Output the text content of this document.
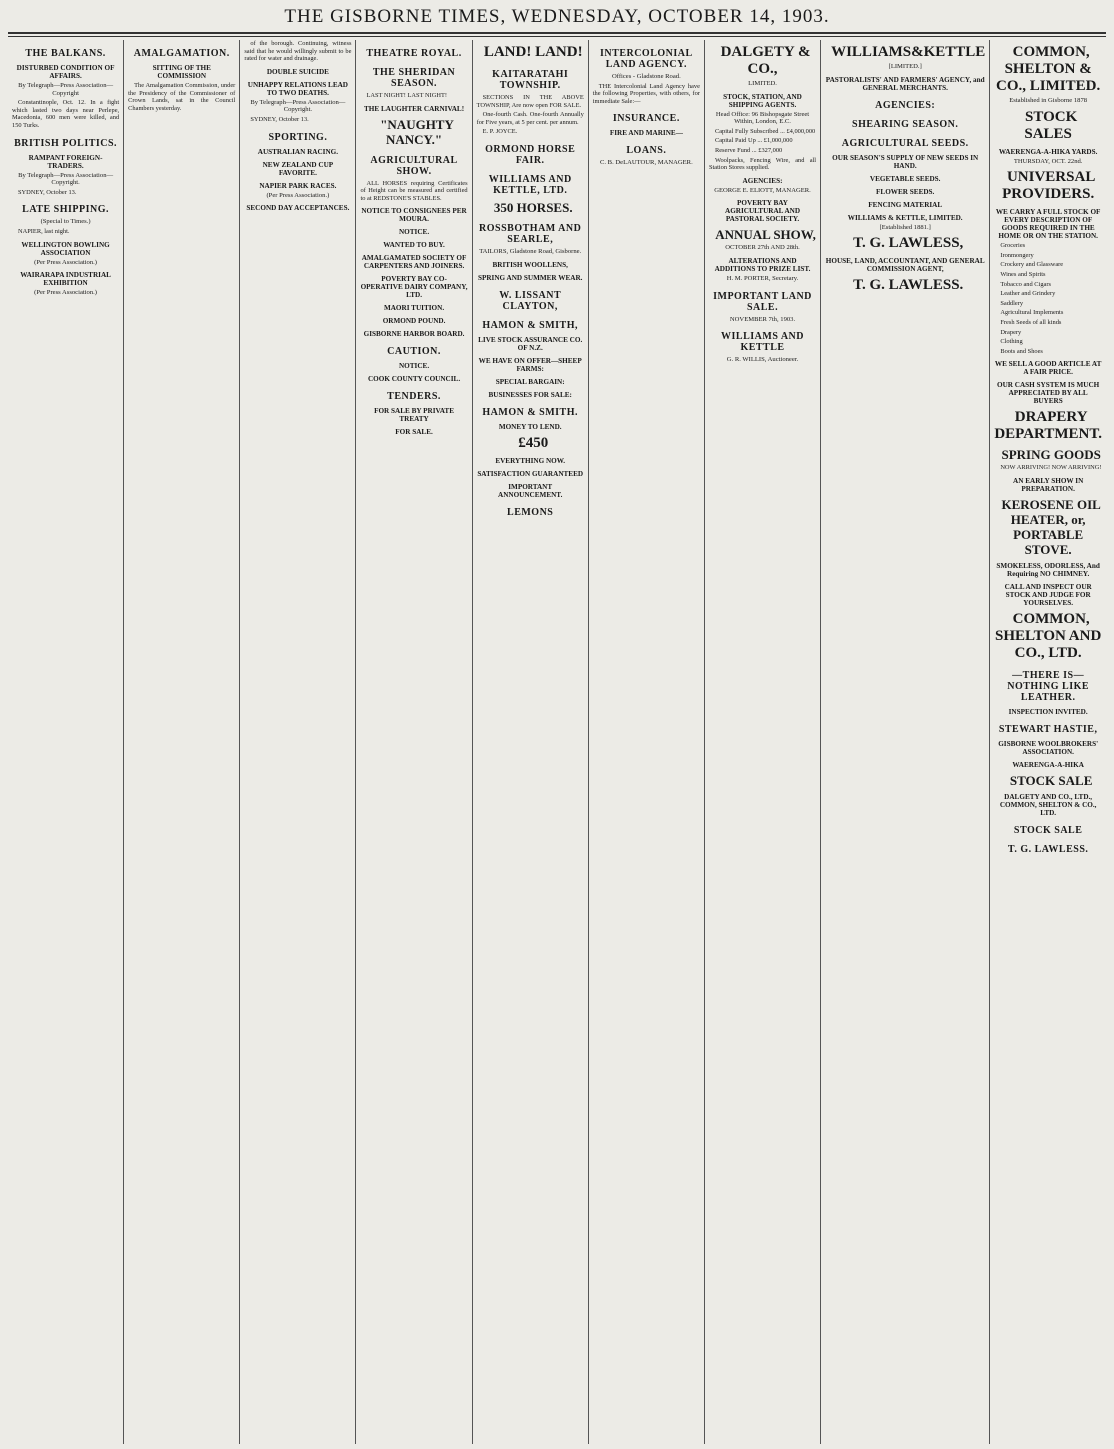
THE GISBORNE TIMES, WEDNESDAY, OCTOBER 14, 1903.
THE BALKANS.
DISTURBED CONDITION OF AFFAIRS.
By Telegraph—Press Association—Copyright

Constantinople, Oct. 12. In a fight which lasted two days near Perlepe, Macedonia, 600 men were killed, and 150 Turks.

BRITISH POLITICS.
RAMPANT FOREIGN-TRADERS.
By Telegraph—Press Association—Copyright.

SYDNEY, October 13.

LATE SHIPPING.
(Special to Times.)

NAPIER, last night.

WELLINGTON BOWLING ASSOCIATION
(Per Press Association.)
WAIRARAPA INDUSTRIAL EXHIBITION
(Per Press Association.)
AMALGAMATION.
SITTING OF THE COMMISSION

The Amalgamation Commission, under the Presidency of the Commissioner of Crown Lands, sat in the Council Chambers yesterday.

of the borough. Continuing, witness said that he would willingly submit to be rated for water and drainage.

DOUBLE SUICIDE
UNHAPPY RELATIONS LEAD TO TWO DEATHS.
By Telegraph—Press Association—Copyright.

SYDNEY, October 13.

SPORTING.
AUSTRALIAN RACING.
NEW ZEALAND CUP FAVORITE.
NAPIER PARK RACES.
(Per Press Association.)
SECOND DAY ACCEPTANCES.
THEATRE ROYAL.
THE SHERIDAN SEASON.

LAST NIGHT! LAST NIGHT!

THE LAUGHTER CARNIVAL!

"NAUGHTY NANCY."

AGRICULTURAL SHOW.

ALL HORSES requiring Certificates of Height can be measured and certified to at REDSTONE'S STABLES.

NOTICE TO CONSIGNEES PER MOURA.
NOTICE.
WANTED TO BUY.
AMALGAMATED SOCIETY OF CARPENTERS AND JOINERS.
POVERTY BAY CO-OPERATIVE DAIRY COMPANY, LTD.
MAORI TUITION.
ORMOND POUND.
GISBORNE HARBOR BOARD.
CAUTION.
NOTICE.
COOK COUNTY COUNCIL.
TENDERS.
FOR SALE BY PRIVATE TREATY
FOR SALE.

LAND! LAND!

KAITARATAHI TOWNSHIP.

SECTIONS IN THE ABOVE TOWNSHIP, Are now open FOR SALE.

One-fourth Cash. One-fourth Annually for Five years, at 5 per cent. per annum.

E. P. JOYCE.

ORMOND HORSE FAIR.
WILLIAMS AND KETTLE, LTD.

350 HORSES.

ROSSBOTHAM AND SEARLE,
TAILORS, Gladstone Road, Gisborne.
BRITISH WOOLLENS,
SPRING AND SUMMER WEAR.
W. LISSANT CLAYTON,
HAMON & SMITH,
LIVE STOCK ASSURANCE CO. OF N.Z.
WE HAVE ON OFFER—SHEEP FARMS:
SPECIAL BARGAIN:
BUSINESSES FOR SALE:
HAMON & SMITH.
MONEY TO LEND.

£450

EVERYTHING NOW.
SATISFACTION GUARANTEED
IMPORTANT ANNOUNCEMENT.
LEMONS
INTERCOLONIAL LAND AGENCY.
Offices - Gladstone Road.

THE Intercolonial Land Agency have the following Properties, with others, for immediate Sale:—

INSURANCE.
FIRE AND MARINE—
LOANS.
C. B. DeLAUTOUR, MANAGER.

DALGETY & CO.,

LIMITED.
STOCK, STATION, AND SHIPPING AGENTS.
Head Office: 96 Bishopsgate Street Within, London, E.C.

Capital Fully Subscribed ... £4,000,000

Capital Paid Up ... £1,000,000

Reserve Fund ... £327,000

Woolpacks, Fencing Wire, and all Station Stores supplied.

AGENCIES:
GEORGE E. ELIOTT, MANAGER.
POVERTY BAY AGRICULTURAL AND PASTORAL SOCIETY.

ANNUAL SHOW,

OCTOBER 27th AND 28th.
ALTERATIONS AND ADDITIONS TO PRIZE LIST.
H. M. PORTER, Secretary.
IMPORTANT LAND SALE.
NOVEMBER 7th, 1903.
WILLIAMS AND KETTLE
G. R. WILLIS, Auctioneer.

WILLIAMS&KETTLE

[LIMITED.]
PASTORALISTS' AND FARMERS' AGENCY, and GENERAL MERCHANTS.
AGENCIES:
SHEARING SEASON.
AGRICULTURAL SEEDS.
OUR SEASON'S SUPPLY OF NEW SEEDS IN HAND.
VEGETABLE SEEDS.
FLOWER SEEDS.
FENCING MATERIAL
WILLIAMS & KETTLE, LIMITED.
[Established 1881.]

T. G. LAWLESS,

HOUSE, LAND, ACCOUNTANT, AND GENERAL COMMISSION AGENT,

T. G. LAWLESS.

COMMON, SHELTON & CO., LIMITED.

Established in Gisborne 1878

STOCK SALES

WAERENGA-A-HIKA YARDS.
THURSDAY, OCT. 22nd.

UNIVERSAL PROVIDERS.

WE CARRY A FULL STOCK OF EVERY DESCRIPTION OF GOODS REQUIRED IN THE HOME OR ON THE STATION.

Groceries

Ironmongery

Crockery and Glassware

Wines and Spirits

Tobacco and Cigars

Leather and Grindery

Saddlery

Agricultural Implements

Fresh Seeds of all kinds

Drapery

Clothing

Boots and Shoes

WE SELL A GOOD ARTICLE AT A FAIR PRICE.
OUR CASH SYSTEM IS MUCH APPRECIATED BY ALL BUYERS

DRAPERY DEPARTMENT.

SPRING GOODS

NOW ARRIVING! NOW ARRIVING!

AN EARLY SHOW IN PREPARATION.

KEROSENE OIL HEATER, or, PORTABLE STOVE.

SMOKELESS, ODORLESS, And Requiring NO CHIMNEY.
CALL AND INSPECT OUR STOCK AND JUDGE FOR YOURSELVES.

COMMON, SHELTON AND CO., LTD.

—THERE IS— NOTHING LIKE LEATHER.
INSPECTION INVITED.
STEWART HASTIE,
GISBORNE WOOLBROKERS' ASSOCIATION.
WAERENGA-A-HIKA

STOCK SALE

DALGETY AND CO., LTD., COMMON, SHELTON & CO., LTD.
STOCK SALE
T. G. LAWLESS.
